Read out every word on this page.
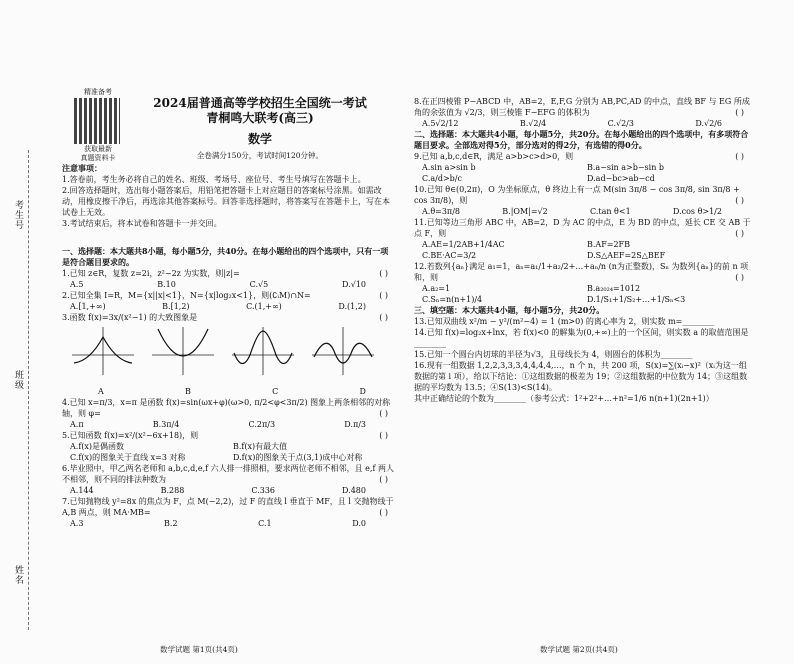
考生号
班级
姓名
精准备考
获取最新
真题资料卡
2024届普通高等学校招生全国统一考试
青桐鸣大联考(高三)
数学
全卷满分150分，考试时间120分钟。
注意事项：
1.答卷前，考生务必将自己的姓名、班级、考场号、座位号、考生号填写在答题卡上。
2.回答选择题时，选出每小题答案后，用铅笔把答题卡上对应题目的答案标号涂黑。如需改动，用橡皮擦干净后，再选涂其他答案标号。回答非选择题时，将答案写在答题卡上，写在本试卷上无效。
3.考试结束后，将本试卷和答题卡一并交回。
一、选择题：本大题共8小题，每小题5分，共40分。在每小题给出的四个选项中，只有一项是符合题目要求的。
1.已知 z∈R，复数 z=2i，z²−2z 为实数，则|z|=	( )
A.5	B.10	C.√5	D.√10
2.已知全集 I=R，M={x||x|<1}，N={x|log₂x<1}，则(∁ᵢM)∩N=	( )
A.[1,+∞)	B.[1,2)	C.(1,+∞)	D.(1,2)
3.函数 f(x)=3x/(x²−1) 的大致图象是	( )
A	B	C	D
4.已知 x=π/3，x=π 是函数 f(x)=sin(ωx+φ)(ω>0, π/2<φ<3π/2) 图象上两条相邻的对称轴，则 φ=	( )
A.π	B.3π/4	C.2π/3	D.π/3
5.已知函数 f(x)=x²/(x²−6x+18)，则	( )
A.f(x)是偶函数	B.f(x)有最大值
C.f(x)的图象关于直线 x=3 对称	D.f(x)的图象关于点(3,1)成中心对称
6.毕业照中，甲乙两名老师和 a,b,c,d,e,f 六人排一排照相，要求两位老师不相邻，且 e,f 两人不相邻，则不同的排法种数为	( )
A.144	B.288	C.336	D.480
7.已知抛物线 y²=8x 的焦点为 F，点 M(−2,2)，过 F 的直线 l 垂直于 MF，且 l 交抛物线于 A,B 两点，则 MA·MB=	( )
A.3	B.2	C.1	D.0
数学试题 第1页(共4页)
8.在正四棱锥 P−ABCD 中，AB=2，E,F,G 分别为 AB,PC,AD 的中点，直线 BF 与 EG 所成角的余弦值为 √2/3，则三棱锥 F−EFG 的体积为	( )
A.5√2/12	B.√2/4	C.√2/3	D.√2/6
二、选择题：本大题共4小题，每小题5分，共20分。在每小题给出的四个选项中，有多项符合题目要求。全部选对得5分，部分选对的得2分，有选错的得0分。
9.已知 a,b,c,d∈R，满足 a>b>c>d>0，则	( )
A.sin a>sin b	B.a−sin a>b−sin b
C.a/d>b/c	D.ad−bc>ab−cd
10.已知 θ∈(0,2π)，O 为坐标原点，θ 终边上有一点 M(sin 3π/8 − cos 3π/8, sin 3π/8 + cos 3π/8)，则	( )
A.θ=3π/8	B.|OM|=√2	C.tan θ<1	D.cos θ>1/2
11.已知等边三角形 ABC 中，AB=2，D 为 AC 的中点，E 为 BD 的中点，延长 CE 交 AB 于点 F，则	( )
A.AE=1/2AB+1/4AC	B.AF=2FB
C.BE·AC=3/2	D.S△AEF=2S△BEF
12.若数列{aₙ}满足 a₁=1，aₙ=a₁/1+a₂/2+…+aₙ/n (n为正整数)，Sₙ 为数列{aₙ}的前 n 项和，则	( )
A.a₂=1	B.a₂₀₂₄=1012
C.Sₙ=n(n+1)/4	D.1/S₁+1/S₂+…+1/Sₙ<3
三、填空题：本大题共4小题，每小题5分，共20分。
13.已知双曲线 x²/m − y²/(m²−4) = 1 (m>0) 的离心率为 2，则实数 m=________
14.已知 f(x)=log₂x+lnx，若 f(x)<0 的解集为(0,+∞)上的一个区间，则实数 a 的取值范围是________
15.已知一个圆台内切球的半径为√3，且母线长为 4，则圆台的体积为________
16.现有一组数据 1,2,2,3,3,3,4,4,4,4,…，n 个 n，共 200 项，S(x)=∑(xᵢ−x)²（xᵢ为这一组数据的第 i 项），给以下结论：①这组数据的极差为 19；②这组数据的中位数为 14；③这组数据的平均数为 13.5；④S(13)<S(14)。
其中正确结论的个数为________（参考公式：1²+2²+…+n²=1/6 n(n+1)(2n+1)）
数学试题 第2页(共4页)
